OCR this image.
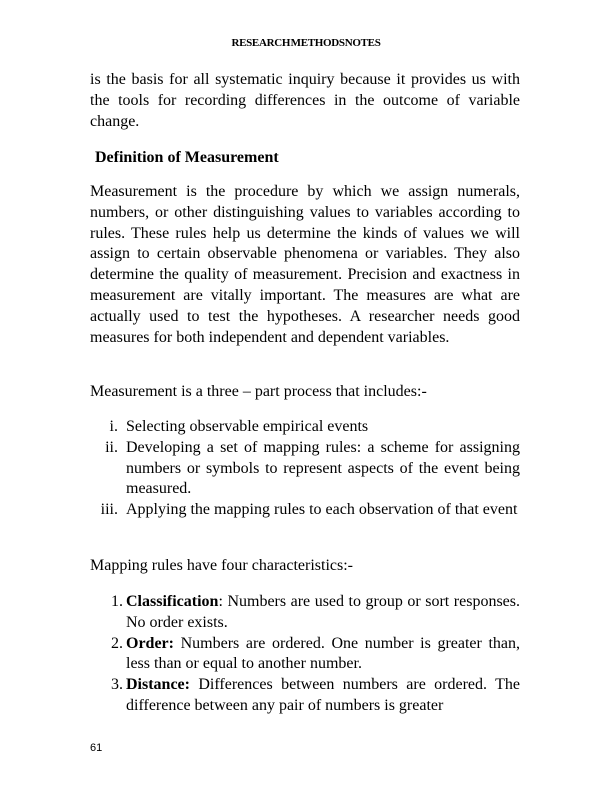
RESEARCH METHODSNOTES

is the basis for all systematic inquiry because it provides us with the tools for recording differences in the outcome of variable change.

Definition of Measurement

Measurement is the procedure by which we assign numerals, numbers, or other distinguishing values to variables according to rules. These rules help us determine the kinds of values we will assign to certain observable phenomena or variables. They also determine the quality of measurement. Precision and exactness in measurement are vitally important. The measures are what are actually used to test the hypotheses. A researcher needs good measures for both independent and dependent variables.

Measurement is a three – part process that includes:-

i. Selecting observable empirical events
ii. Developing a set of mapping rules: a scheme for assigning numbers or symbols to represent aspects of the event being measured.
iii. Applying the mapping rules to each observation of that event

Mapping rules have four characteristics:-

1. Classification: Numbers are used to group or sort responses. No order exists.
2. Order: Numbers are ordered. One number is greater than, less than or equal to another number.
3. Distance: Differences between numbers are ordered. The difference between any pair of numbers is greater
61
